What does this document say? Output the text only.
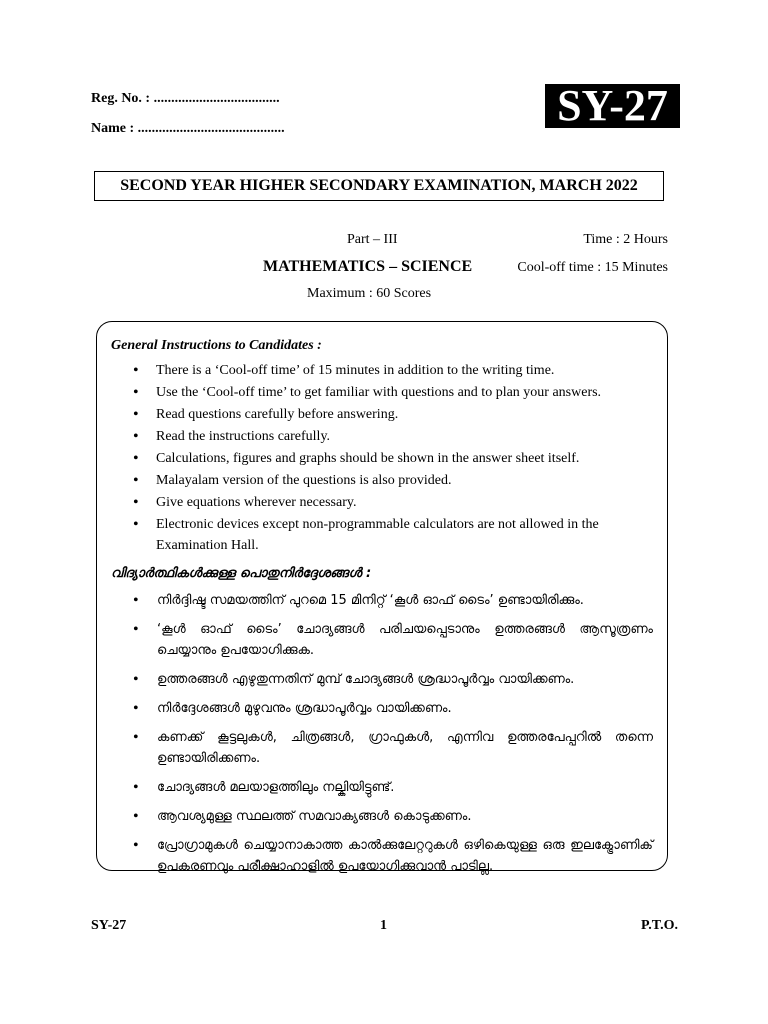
Reg. No. : ....................................
Name : ..........................................	SY-27
SECOND YEAR HIGHER SECONDARY EXAMINATION, MARCH 2022
Part – III	Time : 2 Hours
MATHEMATICS – SCIENCE	Cool-off time : 15 Minutes
Maximum : 60 Scores
General Instructions to Candidates :
• There is a ‘Cool-off time’ of 15 minutes in addition to the writing time.
• Use the ‘Cool-off time’ to get familiar with questions and to plan your answers.
• Read questions carefully before answering.
• Read the instructions carefully.
• Calculations, figures and graphs should be shown in the answer sheet itself.
• Malayalam version of the questions is also provided.
• Give equations wherever necessary.
• Electronic devices except non-programmable calculators are not allowed in the Examination Hall.
വിദ്യാർത്ഥികൾക്കുള്ള പൊതുനിർദ്ദേശങ്ങൾ :
• നിർദ്ദിഷ്ട സമയത്തിന് പുറമെ 15 മിനിറ്റ് ‘കൂൾ ഓഫ് ടൈം’ ഉണ്ടായിരിക്കും.
• ‘കൂൾ ഓഫ് ടൈം’ ചോദ്യങ്ങൾ പരിചയപ്പെടാനും ഉത്തരങ്ങൾ ആസൂത്രണം ചെയ്യാനും ഉപയോഗിക്കുക.
• ഉത്തരങ്ങൾ എഴുതുന്നതിന് മുമ്പ് ചോദ്യങ്ങൾ ശ്രദ്ധാപൂർവ്വം വായിക്കണം.
• നിർദ്ദേശങ്ങൾ മുഴുവനും ശ്രദ്ധാപൂർവ്വം വായിക്കണം.
• കണക്ക് കൂട്ടലുകൾ, ചിത്രങ്ങൾ, ഗ്രാഫുകൾ, എന്നിവ ഉത്തരപേപ്പറിൽ തന്നെ ഉണ്ടായിരിക്കണം.
• ചോദ്യങ്ങൾ മലയാളത്തിലും നല്കിയിട്ടുണ്ട്.
• ആവശ്യമുള്ള സ്ഥലത്ത് സമവാക്യങ്ങൾ കൊടുക്കണം.
• പ്രോഗ്രാമുകൾ ചെയ്യാനാകാത്ത കാൽക്കുലേറ്ററുകൾ ഒഴികെയുള്ള ഒരു ഇലക്ട്രോണിക് ഉപകരണവും പരീക്ഷാഹാളിൽ ഉപയോഗിക്കുവാൻ പാടില്ല.
SY-27	1	P.T.O.
